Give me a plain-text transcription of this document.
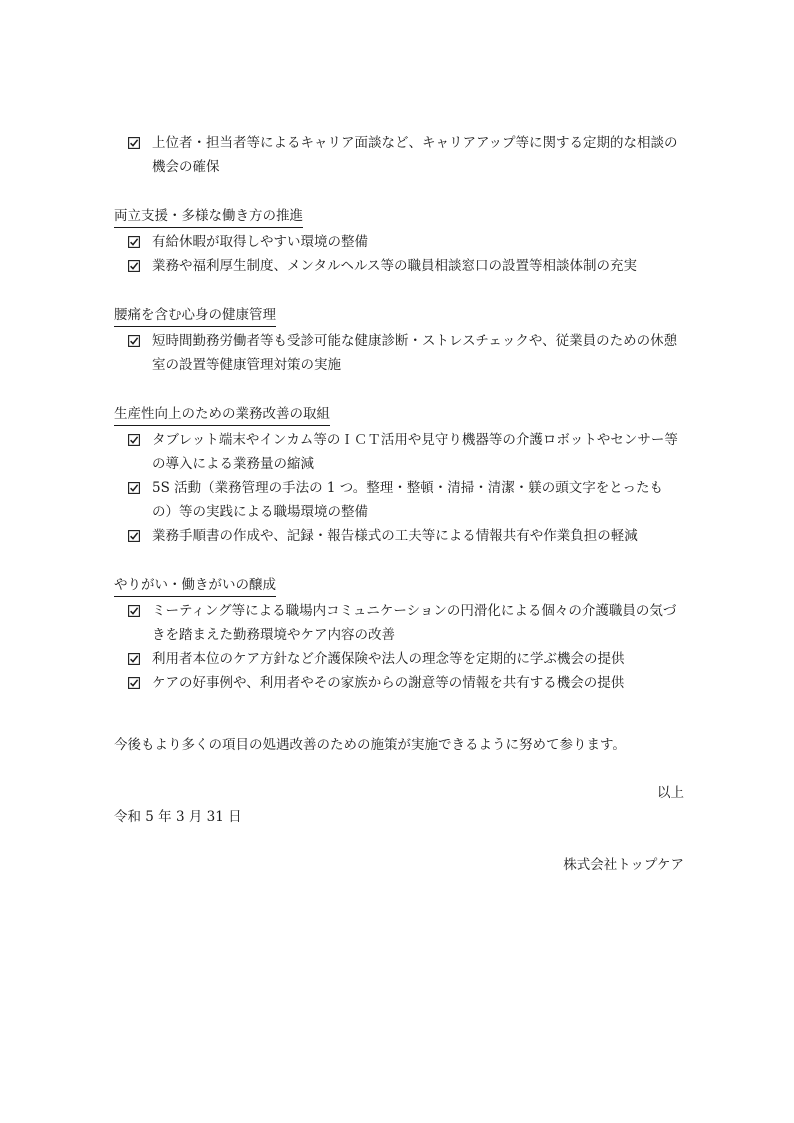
上位者・担当者等によるキャリア面談など、キャリアアップ等に関する定期的な相談の機会の確保
両立支援・多様な働き方の推進
有給休暇が取得しやすい環境の整備
業務や福利厚生制度、メンタルヘルス等の職員相談窓口の設置等相談体制の充実
腰痛を含む心身の健康管理
短時間勤務労働者等も受診可能な健康診断・ストレスチェックや、従業員のための休憩室の設置等健康管理対策の実施
生産性向上のための業務改善の取組
タブレット端末やインカム等のＩＣＴ活用や見守り機器等の介護ロボットやセンサー等の導入による業務量の縮減
5S 活動（業務管理の手法の 1 つ。整理・整頓・清掃・清潔・躾の頭文字をとったもの）等の実践による職場環境の整備
業務手順書の作成や、記録・報告様式の工夫等による情報共有や作業負担の軽減
やりがい・働きがいの醸成
ミーティング等による職場内コミュニケーションの円滑化による個々の介護職員の気づきを踏まえた勤務環境やケア内容の改善
利用者本位のケア方針など介護保険や法人の理念等を定期的に学ぶ機会の提供
ケアの好事例や、利用者やその家族からの謝意等の情報を共有する機会の提供
今後もより多くの項目の処遇改善のための施策が実施できるように努めて参ります。
以上
令和 5 年 3 月 31 日
株式会社トップケア
